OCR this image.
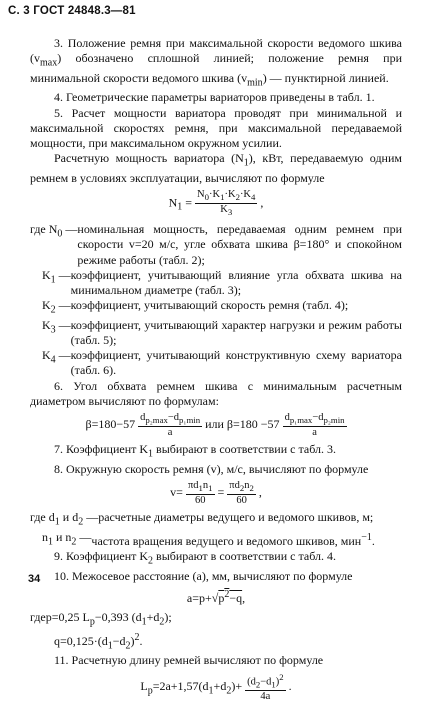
С. 3 ГОСТ 24848.3—81

3. Положение ремня при максимальной скорости ведомого шкива $(v_{max})$ обозначено сплошной линией; положение ремня при минимальной скорости ведомого шкива $(v_{min})$ — пунктирной линией.

4. Геометрические параметры вариаторов приведены в табл. 1.

5. Расчет мощности вариатора проводят при минимальной и максимальной скоростях ремня, при максимальной передаваемой мощности, при максимальном окружном усилии.

Расчетную мощность вариатора $(N_1)$, кВт, передаваемую одним ремнем в условиях эксплуатации, вычисляют по формуле

$N_1 = \frac{N_0\cdot K_1\cdot K_2\cdot K_4}{K_3}$ ,
где $N_0$ — номинальная мощность, передаваемая одним ремнем при скорости v=20 м/с, угле обхвата шкива β=180° и спокойном режиме работы (табл. 2);
$K_1$ — коэффициент, учитывающий влияние угла обхвата шкива на минимальном диаметре (табл. 3);
$K_2$ — коэффициент, учитывающий скорость ремня (табл. 4);
$K_3$ — коэффициент, учитывающий характер нагрузки и режим работы (табл. 5);
$K_4$ — коэффициент, учитывающий конструктивную схему вариатора (табл. 6).

6. Угол обхвата ремнем шкива с минимальным расчетным диаметром вычисляют по формулам:

$\beta=180-57 \frac{d_{p_2max}-d_{p_1min}}{a}$ или $\beta=180 -57 \frac{d_{p_1max}-d_{p_2min}}{a}$

7. Коэффициент $K_1$ выбирают в соответствии с табл. 3.

8. Окружную скорость ремня (v), м/с, вычисляют по формуле

$v= \frac{\pi d_1n_1}{60} = \frac{\pi d_2n_2}{60}$ ,
где $d_1$ и $d_2$ — расчетные диаметры ведущего и ведомого шкивов, м;
$n_1$ и $n_2$ — частота вращения ведущего и ведомого шкивов, мин$^{-1}$.

9. Коэффициент $K_2$ выбирают в соответствии с табл. 4.

10. Межосевое расстояние (a), мм, вычисляют по формуле

$a=p+√p^2-q$,
где p=0,25 $L_p-0,393$ $(d_1+d_2)$;
$q=0,125\cdot(d_1-d_2)^2$.

11. Расчетную длину ремней вычисляют по формуле

$L_p=2a+1,57(d_1+d_2)+ \frac{(d_2-d_1)^2}{4a}$ .
34
